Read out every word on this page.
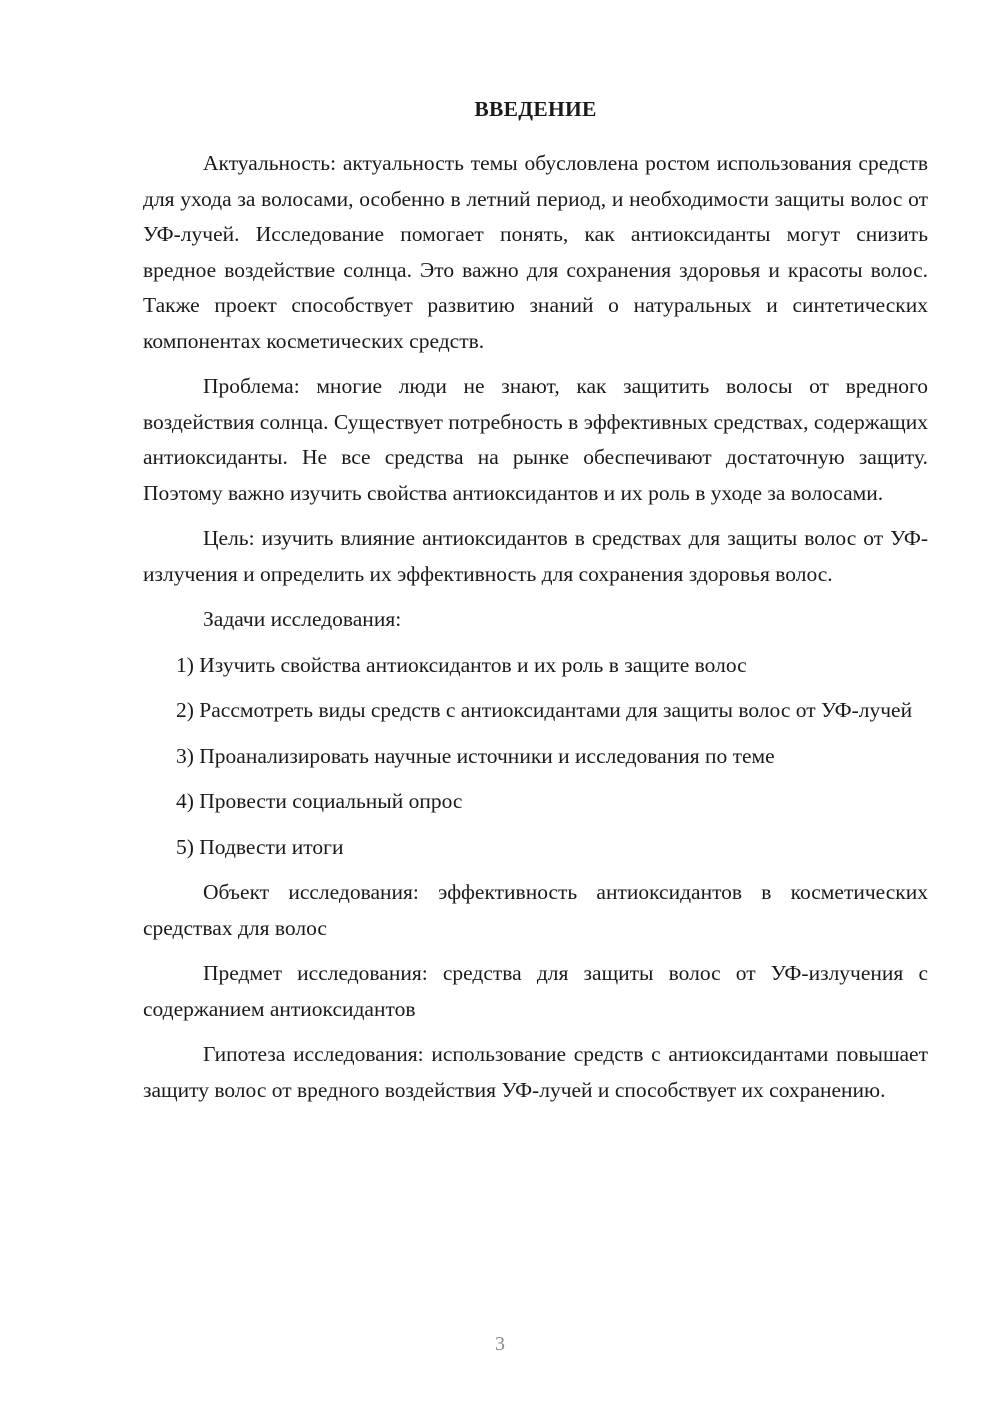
ВВЕДЕНИЕ

Актуальность: актуальность темы обусловлена ростом использования средств для ухода за волосами, особенно в летний период, и необходимости защиты волос от УФ-лучей. Исследование помогает понять, как антиоксиданты могут снизить вредное воздействие солнца. Это важно для сохранения здоровья и красоты волос. Также проект способствует развитию знаний о натуральных и синтетических компонентах косметических средств.

Проблема: многие люди не знают, как защитить волосы от вредного воздействия солнца. Существует потребность в эффективных средствах, содержащих антиоксиданты. Не все средства на рынке обеспечивают достаточную защиту. Поэтому важно изучить свойства антиоксидантов и их роль в уходе за волосами.

Цель: изучить влияние антиоксидантов в средствах для защиты волос от УФ-излучения и определить их эффективность для сохранения здоровья волос.

Задачи исследования:

1) Изучить свойства антиоксидантов и их роль в защите волос

2) Рассмотреть виды средств с антиоксидантами для защиты волос от УФ-лучей

3) Проанализировать научные источники и исследования по теме

4) Провести социальный опрос

5) Подвести итоги

Объект исследования: эффективность антиоксидантов в косметических средствах для волос

Предмет исследования: средства для защиты волос от УФ-излучения с содержанием антиоксидантов

Гипотеза исследования: использование средств с антиоксидантами повышает защиту волос от вредного воздействия УФ-лучей и способствует их сохранению.

3
